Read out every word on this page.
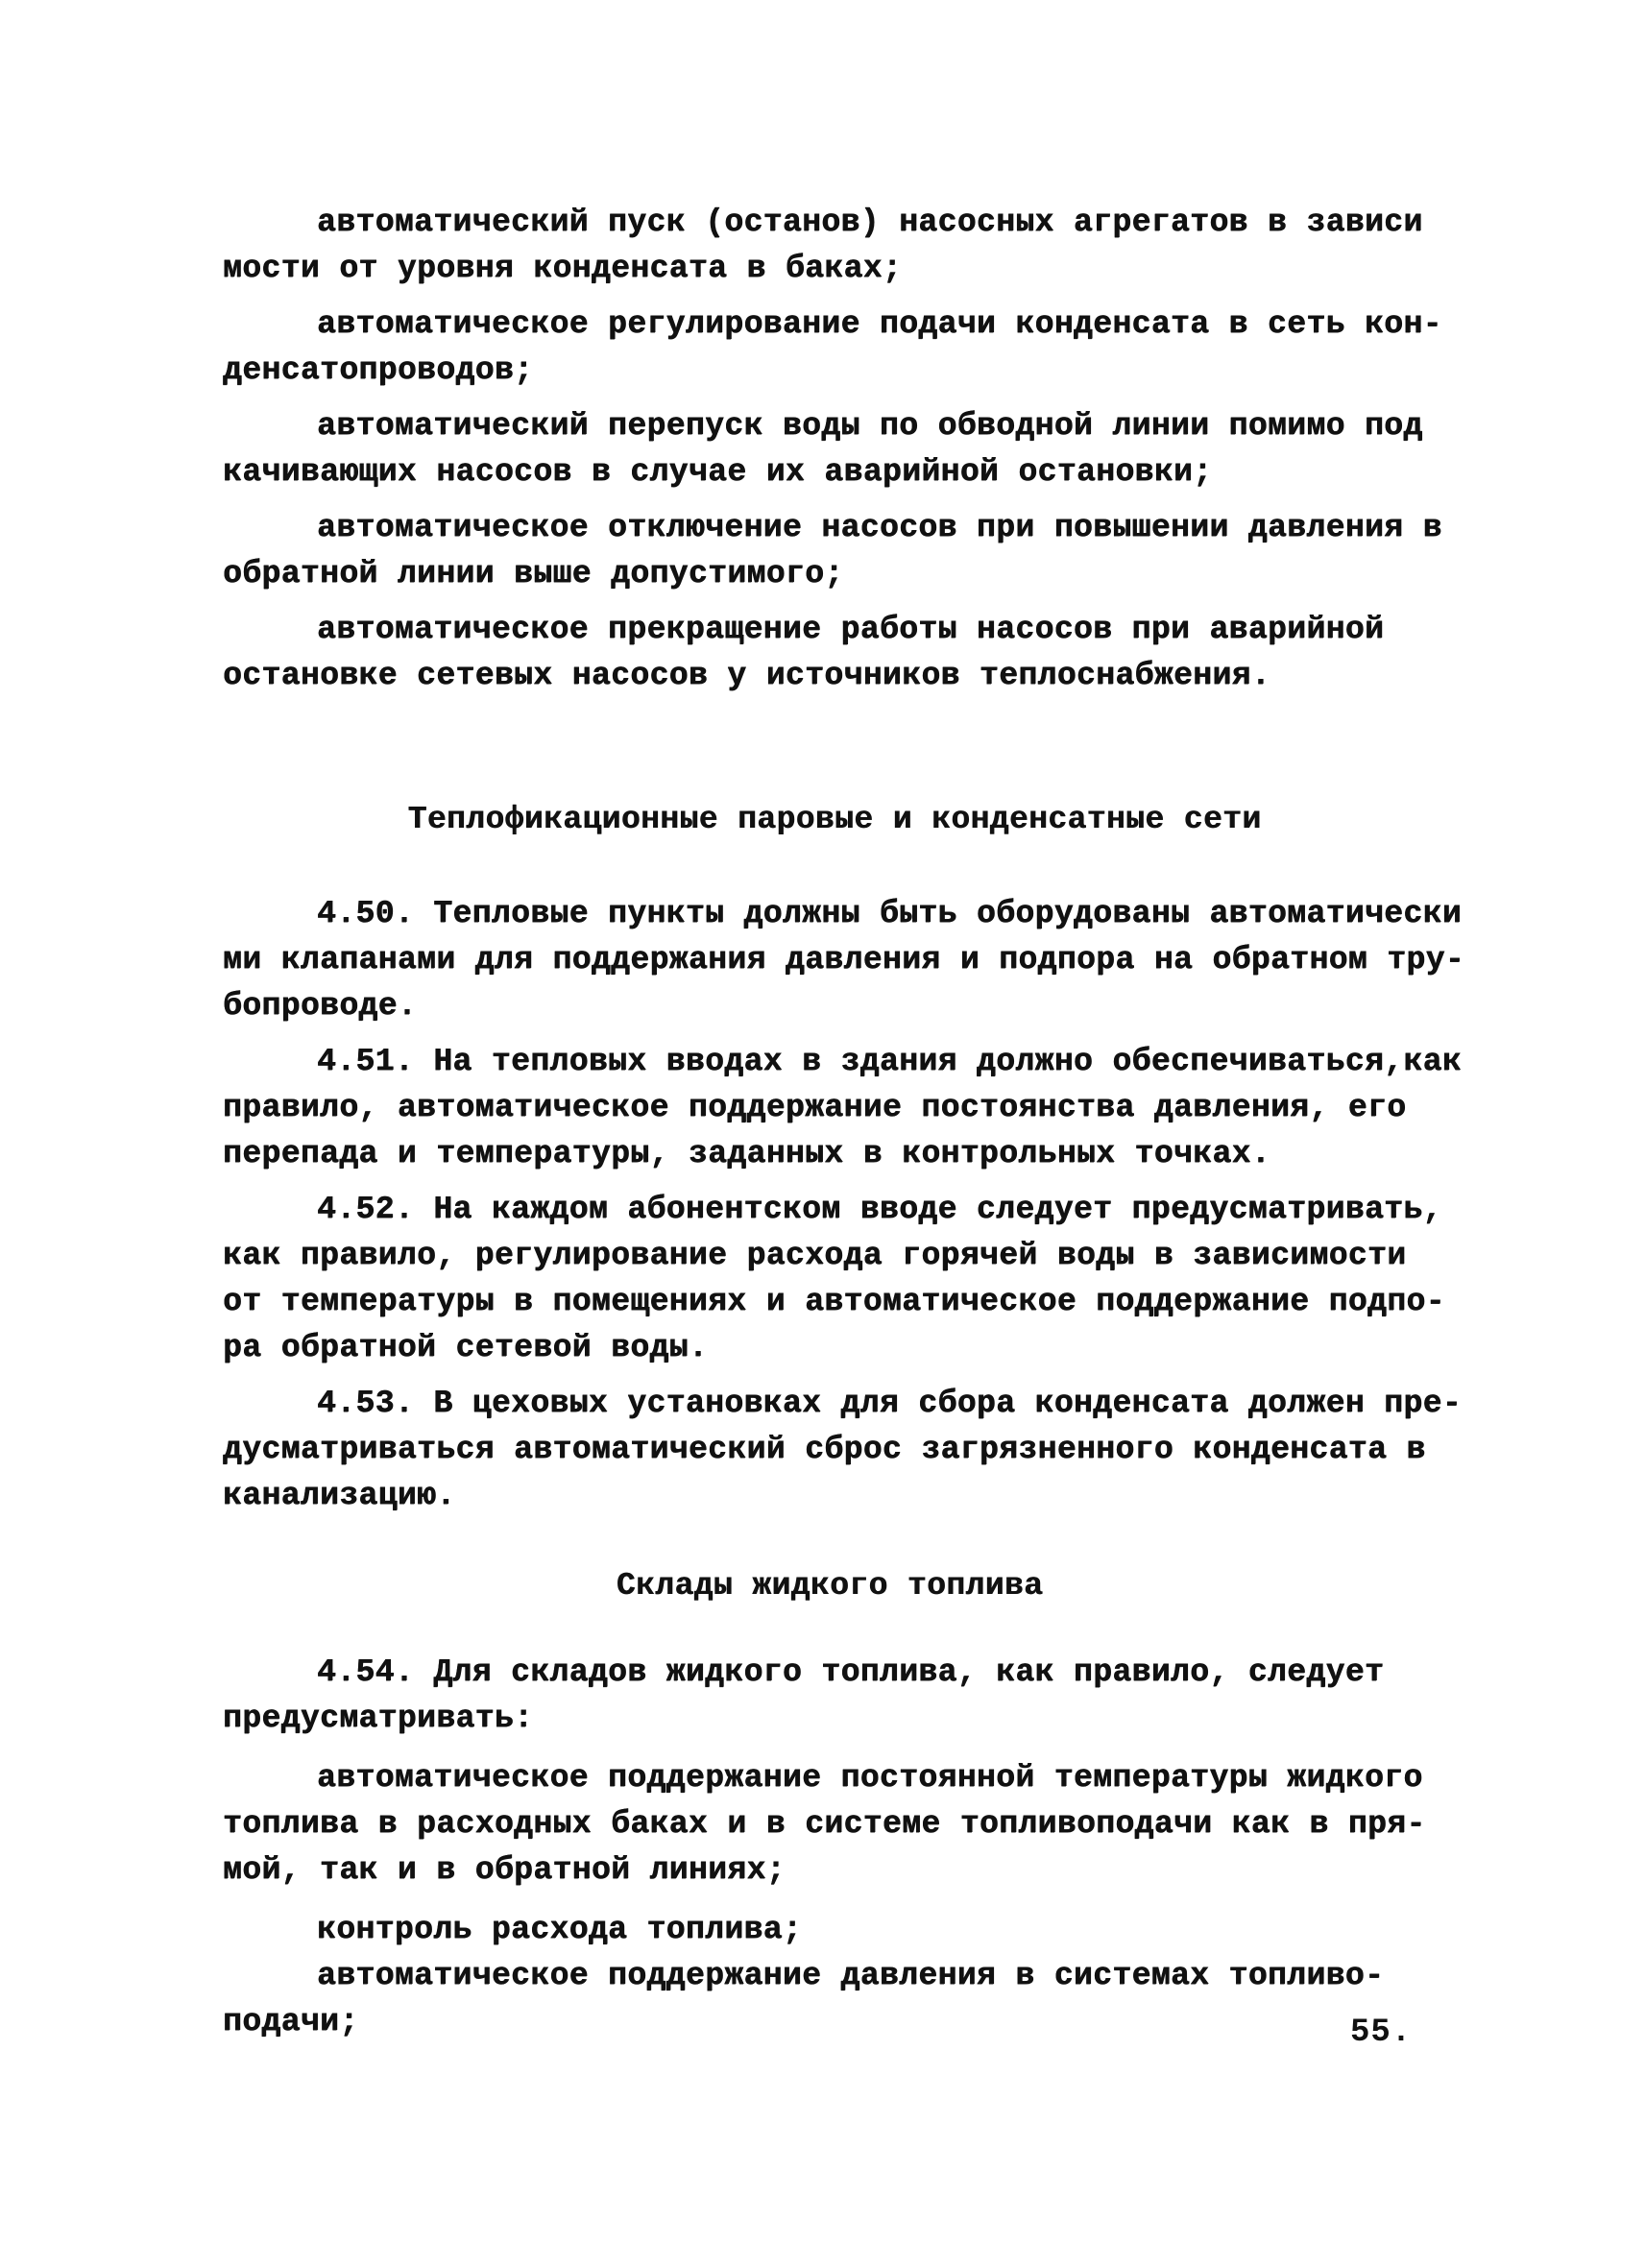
автоматический пуск (останов) насосных агрегатов в зависи
мости от уровня конденсата в баках;
автоматическое регулирование подачи конденсата в сеть кон-
денсатопроводов;
автоматический перепуск воды по обводной линии помимо под
качивающих насосов в случае их аварийной остановки;
автоматическое отключение насосов при повышении давления в
обратной линии выше допустимого;
автоматическое прекращение работы насосов при аварийной
остановке сетевых насосов у источников теплоснабжения.
Теплофикационные паровые и конденсатные сети
4.50. Тепловые пункты должны быть оборудованы автоматически
ми клапанами для поддержания давления и подпора на обратном тру-
бопроводе.
4.51. На тепловых вводах в здания должно обеспечиваться,как
правило, автоматическое поддержание постоянства давления, его
перепада и температуры, заданных в контрольных точках.
4.52. На каждом абонентском вводе следует предусматривать,
как правило, регулирование расхода горячей воды в зависимости
от температуры в помещениях и автоматическое поддержание подпо-
ра обратной сетевой воды.
4.53. В цеховых установках для сбора конденсата должен пре-
дусматриваться автоматический сброс загрязненного конденсата в
канализацию.
Склады жидкого топлива
4.54. Для складов жидкого топлива, как правило, следует
предусматривать:
автоматическое поддержание постоянной температуры жидкого
топлива в расходных баках и в системе топливоподачи как в пря-
мой, так и в обратной линиях;
контроль расхода топлива;
автоматическое поддержание давления в системах топливо-
подачи;	55.
